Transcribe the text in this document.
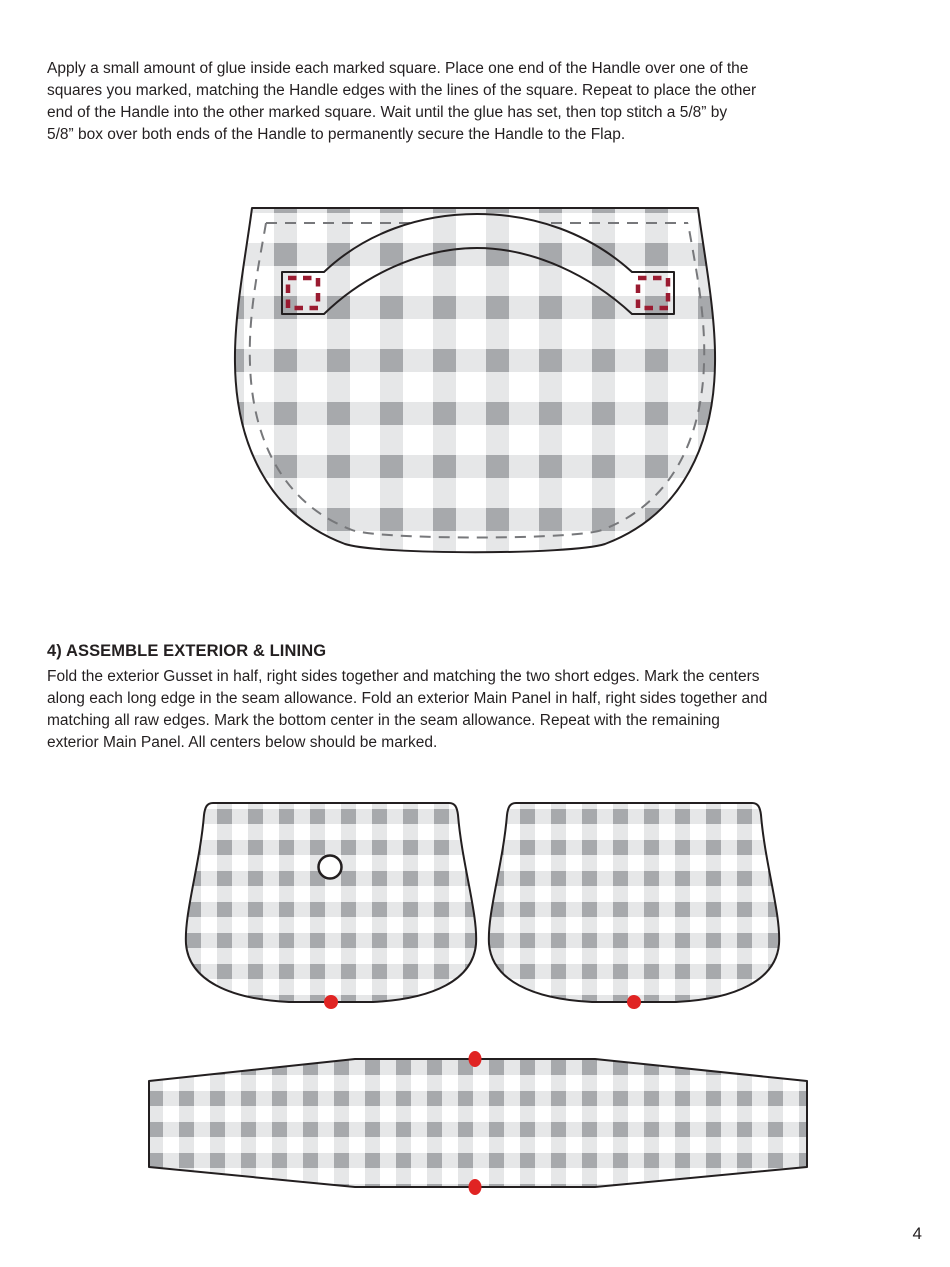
Apply a small amount of glue inside each marked square. Place one end of the Handle over one of the
squares you marked, matching the Handle edges with the lines of the square. Repeat to place the other
end of the Handle into the other marked square. Wait until the glue has set, then top stitch a 5/8” by
5/8” box over both ends of the Handle to permanently secure the Handle to the Flap.
4) ASSEMBLE EXTERIOR & LINING
Fold the exterior Gusset in half, right sides together and matching the two short edges. Mark the centers
along each long edge in the seam allowance. Fold an exterior Main Panel in half, right sides together and
matching all raw edges. Mark the bottom center in the seam allowance. Repeat with the remaining
exterior Main Panel. All centers below should be marked.
4
